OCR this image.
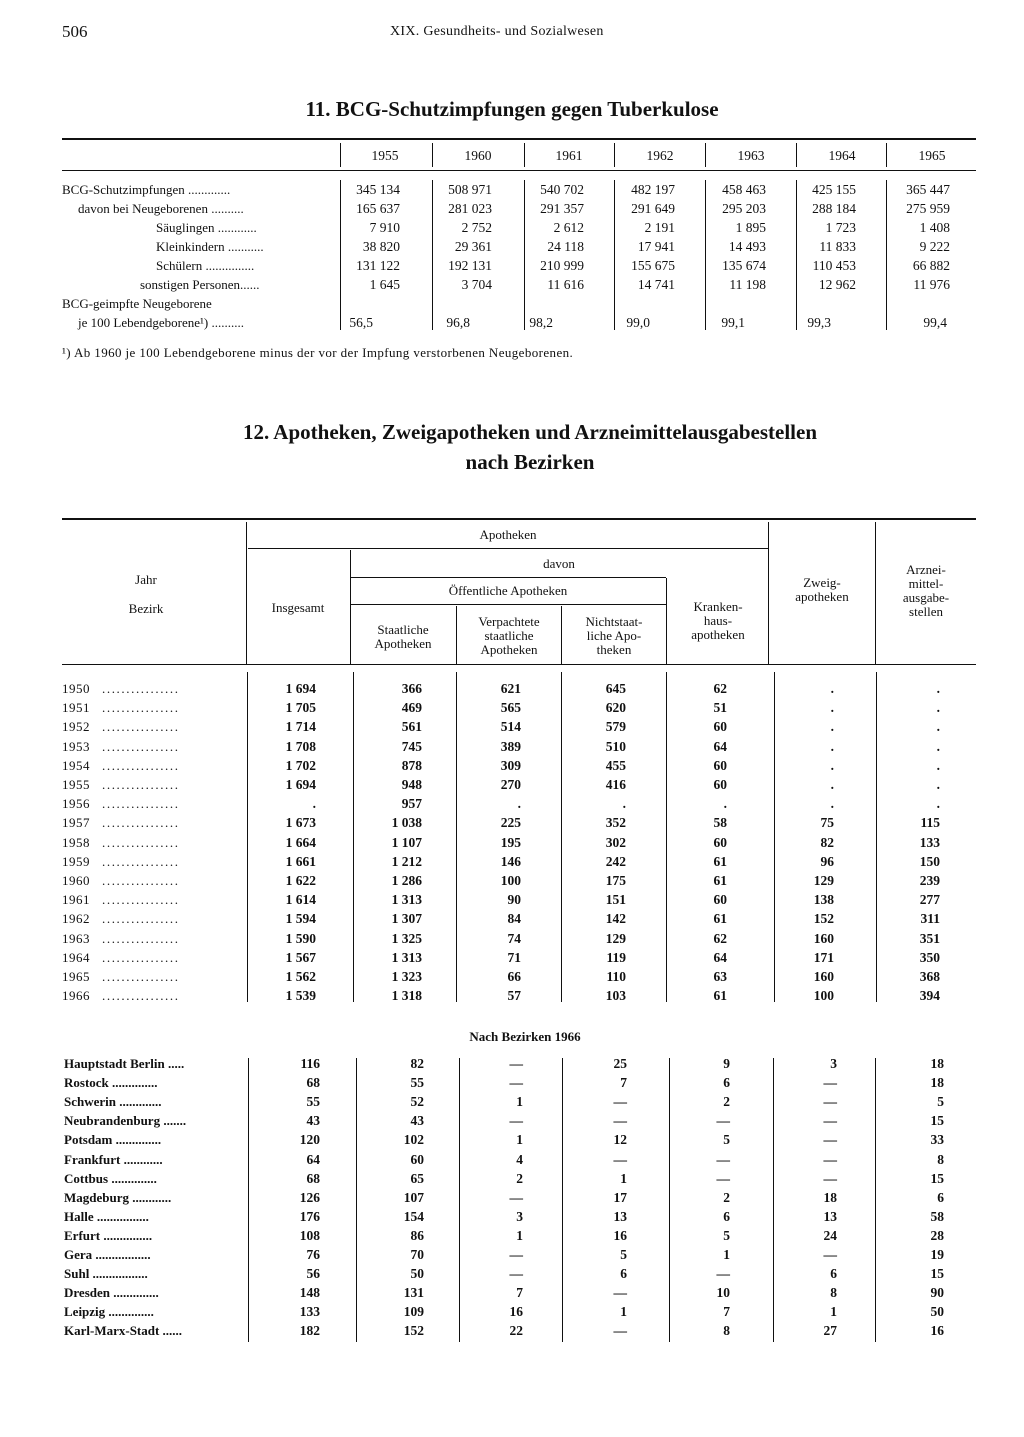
506	XIX. Gesundheits- und Sozialwesen
11. BCG-Schutzimpfungen gegen Tuberkulose
1955	1960	1961	1962	1963	1964	1965
BCG-Schutzimpfungen .............	345 134	508 971	540 702	482 197	458 463	425 155	365 447
davon bei Neugeborenen ..........	165 637	281 023	291 357	291 649	295 203	288 184	275 959
Säuglingen ............	7 910	2 752	2 612	2 191	1 895	1 723	1 408
Kleinkindern ...........	38 820	29 361	24 118	17 941	14 493	11 833	9 222
Schülern ...............	131 122	192 131	210 999	155 675	135 674	110 453	66 882
sonstigen Personen......	1 645	3 704	11 616	14 741	11 198	12 962	11 976
BCG-geimpfte Neugeborene
je 100 Lebendgeborene¹) ..........	56,5	96,8	98,2	99,0	99,1	99,3	99,4
¹) Ab 1960 je 100 Lebendgeborene minus der vor der Impfung verstorbenen Neugeborenen.
12. Apotheken, Zweigapotheken und Arzneimittelausgabestellen
nach Bezirken
Jahr
Bezirk
Apotheken
Insgesamt
davon
Öffentliche Apotheken
Staatliche
Apotheken
Verpachtete
staatliche
Apotheken
Nichtstaat-
liche Apo-
theken
Kranken-
haus-
apotheken
Zweig-
apotheken
Arznei-
mittel-
ausgabe-
stellen
1950 ................	1 694	366	621	645	62	.	.
1951 ................	1 705	469	565	620	51	.	.
1952 ................	1 714	561	514	579	60	.	.
1953 ................	1 708	745	389	510	64	.	.
1954 ................	1 702	878	309	455	60	.	.
1955 ................	1 694	948	270	416	60	.	.
1956 ................	.	957	.	.	.	.	.
1957 ................	1 673	1 038	225	352	58	75	115
1958 ................	1 664	1 107	195	302	60	82	133
1959 ................	1 661	1 212	146	242	61	96	150
1960 ................	1 622	1 286	100	175	61	129	239
1961 ................	1 614	1 313	90	151	60	138	277
1962 ................	1 594	1 307	84	142	61	152	311
1963 ................	1 590	1 325	74	129	62	160	351
1964 ................	1 567	1 313	71	119	64	171	350
1965 ................	1 562	1 323	66	110	63	160	368
1966 ................	1 539	1 318	57	103	61	100	394
Hauptstadt Berlin .....	116	82	—	25	9	3	18
Rostock ..............	68	55	—	7	6	—	18
Schwerin .............	55	52	1	—	2	—	5
Neubrandenburg .......	43	43	—	—	—	—	15
Potsdam ..............	120	102	1	12	5	—	33
Frankfurt ............	64	60	4	—	—	—	8
Cottbus ..............	68	65	2	1	—	—	15
Magdeburg ............	126	107	—	17	2	18	6
Halle ................	176	154	3	13	6	13	58
Erfurt ...............	108	86	1	16	5	24	28
Gera .................	76	70	—	5	1	—	19
Suhl .................	56	50	—	6	—	6	15
Dresden ..............	148	131	7	—	10	8	90
Leipzig ..............	133	109	16	1	7	1	50
Karl-Marx-Stadt ......	182	152	22	—	8	27	16
Nach Bezirken 1966
